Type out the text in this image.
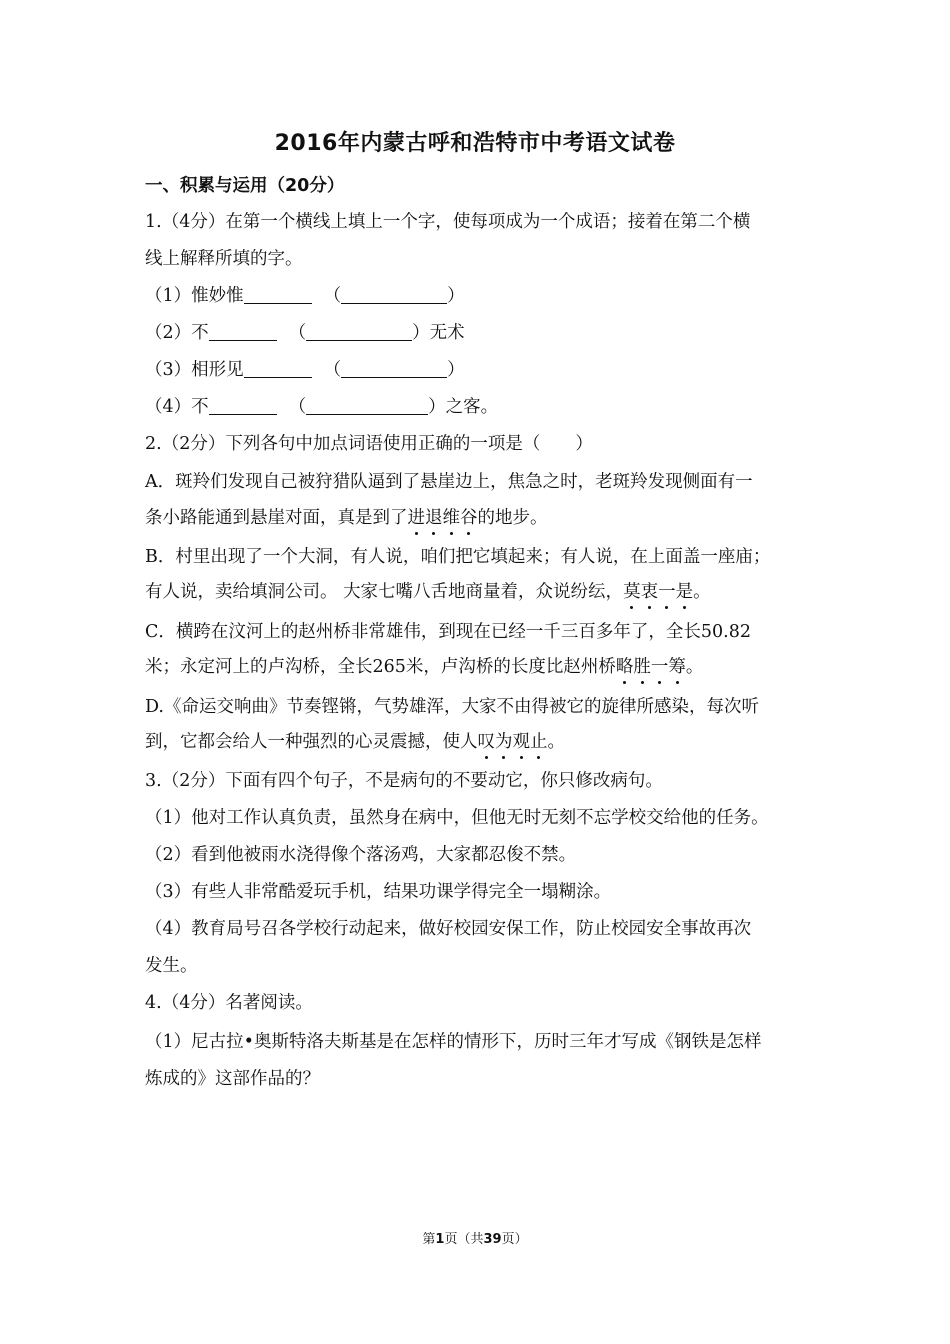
2016年内蒙古呼和浩特市中考语文试卷
一、积累与运用（20分）
1.（4分）在第一个横线上填上一个字，使每项成为一个成语；接着在第二个横
线上解释所填的字。
（1）惟妙惟	（	）
（2）不	（	）无术
（3）相形见	（	）
（4）不	（	）之客。
2.（2分）下列各句中加点词语使用正确的一项是（　　）
A．斑羚们发现自己被狩猎队逼到了悬崖边上，焦急之时，老斑羚发现侧面有一
条小路能通到悬崖对面，真是到了进退维谷的地步。
B．村里出现了一个大洞，有人说，咱们把它填起来；有人说，在上面盖一座庙；
有人说，卖给填洞公司。 大家七嘴八舌地商量着，众说纷纭，莫衷一是。
C．横跨在汶河上的赵州桥非常雄伟，到现在已经一千三百多年了，全长50.82
米；永定河上的卢沟桥，全长265米，卢沟桥的长度比赵州桥略胜一筹。
D.《命运交响曲》节奏铿锵，气势雄浑，大家不由得被它的旋律所感染，每次听
到，它都会给人一种强烈的心灵震撼，使人叹为观止。
3.（2分）下面有四个句子，不是病句的不要动它，你只修改病句。
（1）他对工作认真负责，虽然身在病中，但他无时无刻不忘学校交给他的任务。
（2）看到他被雨水浇得像个落汤鸡，大家都忍俊不禁。
（3）有些人非常酷爱玩手机，结果功课学得完全一塌糊涂。
（4）教育局号召各学校行动起来，做好校园安保工作，防止校园安全事故再次
发生。
4.（4分）名著阅读。
（1）尼古拉•奥斯特洛夫斯基是在怎样的情形下，历时三年才写成《钢铁是怎样
炼成的》这部作品的？
第1页（共39页）
